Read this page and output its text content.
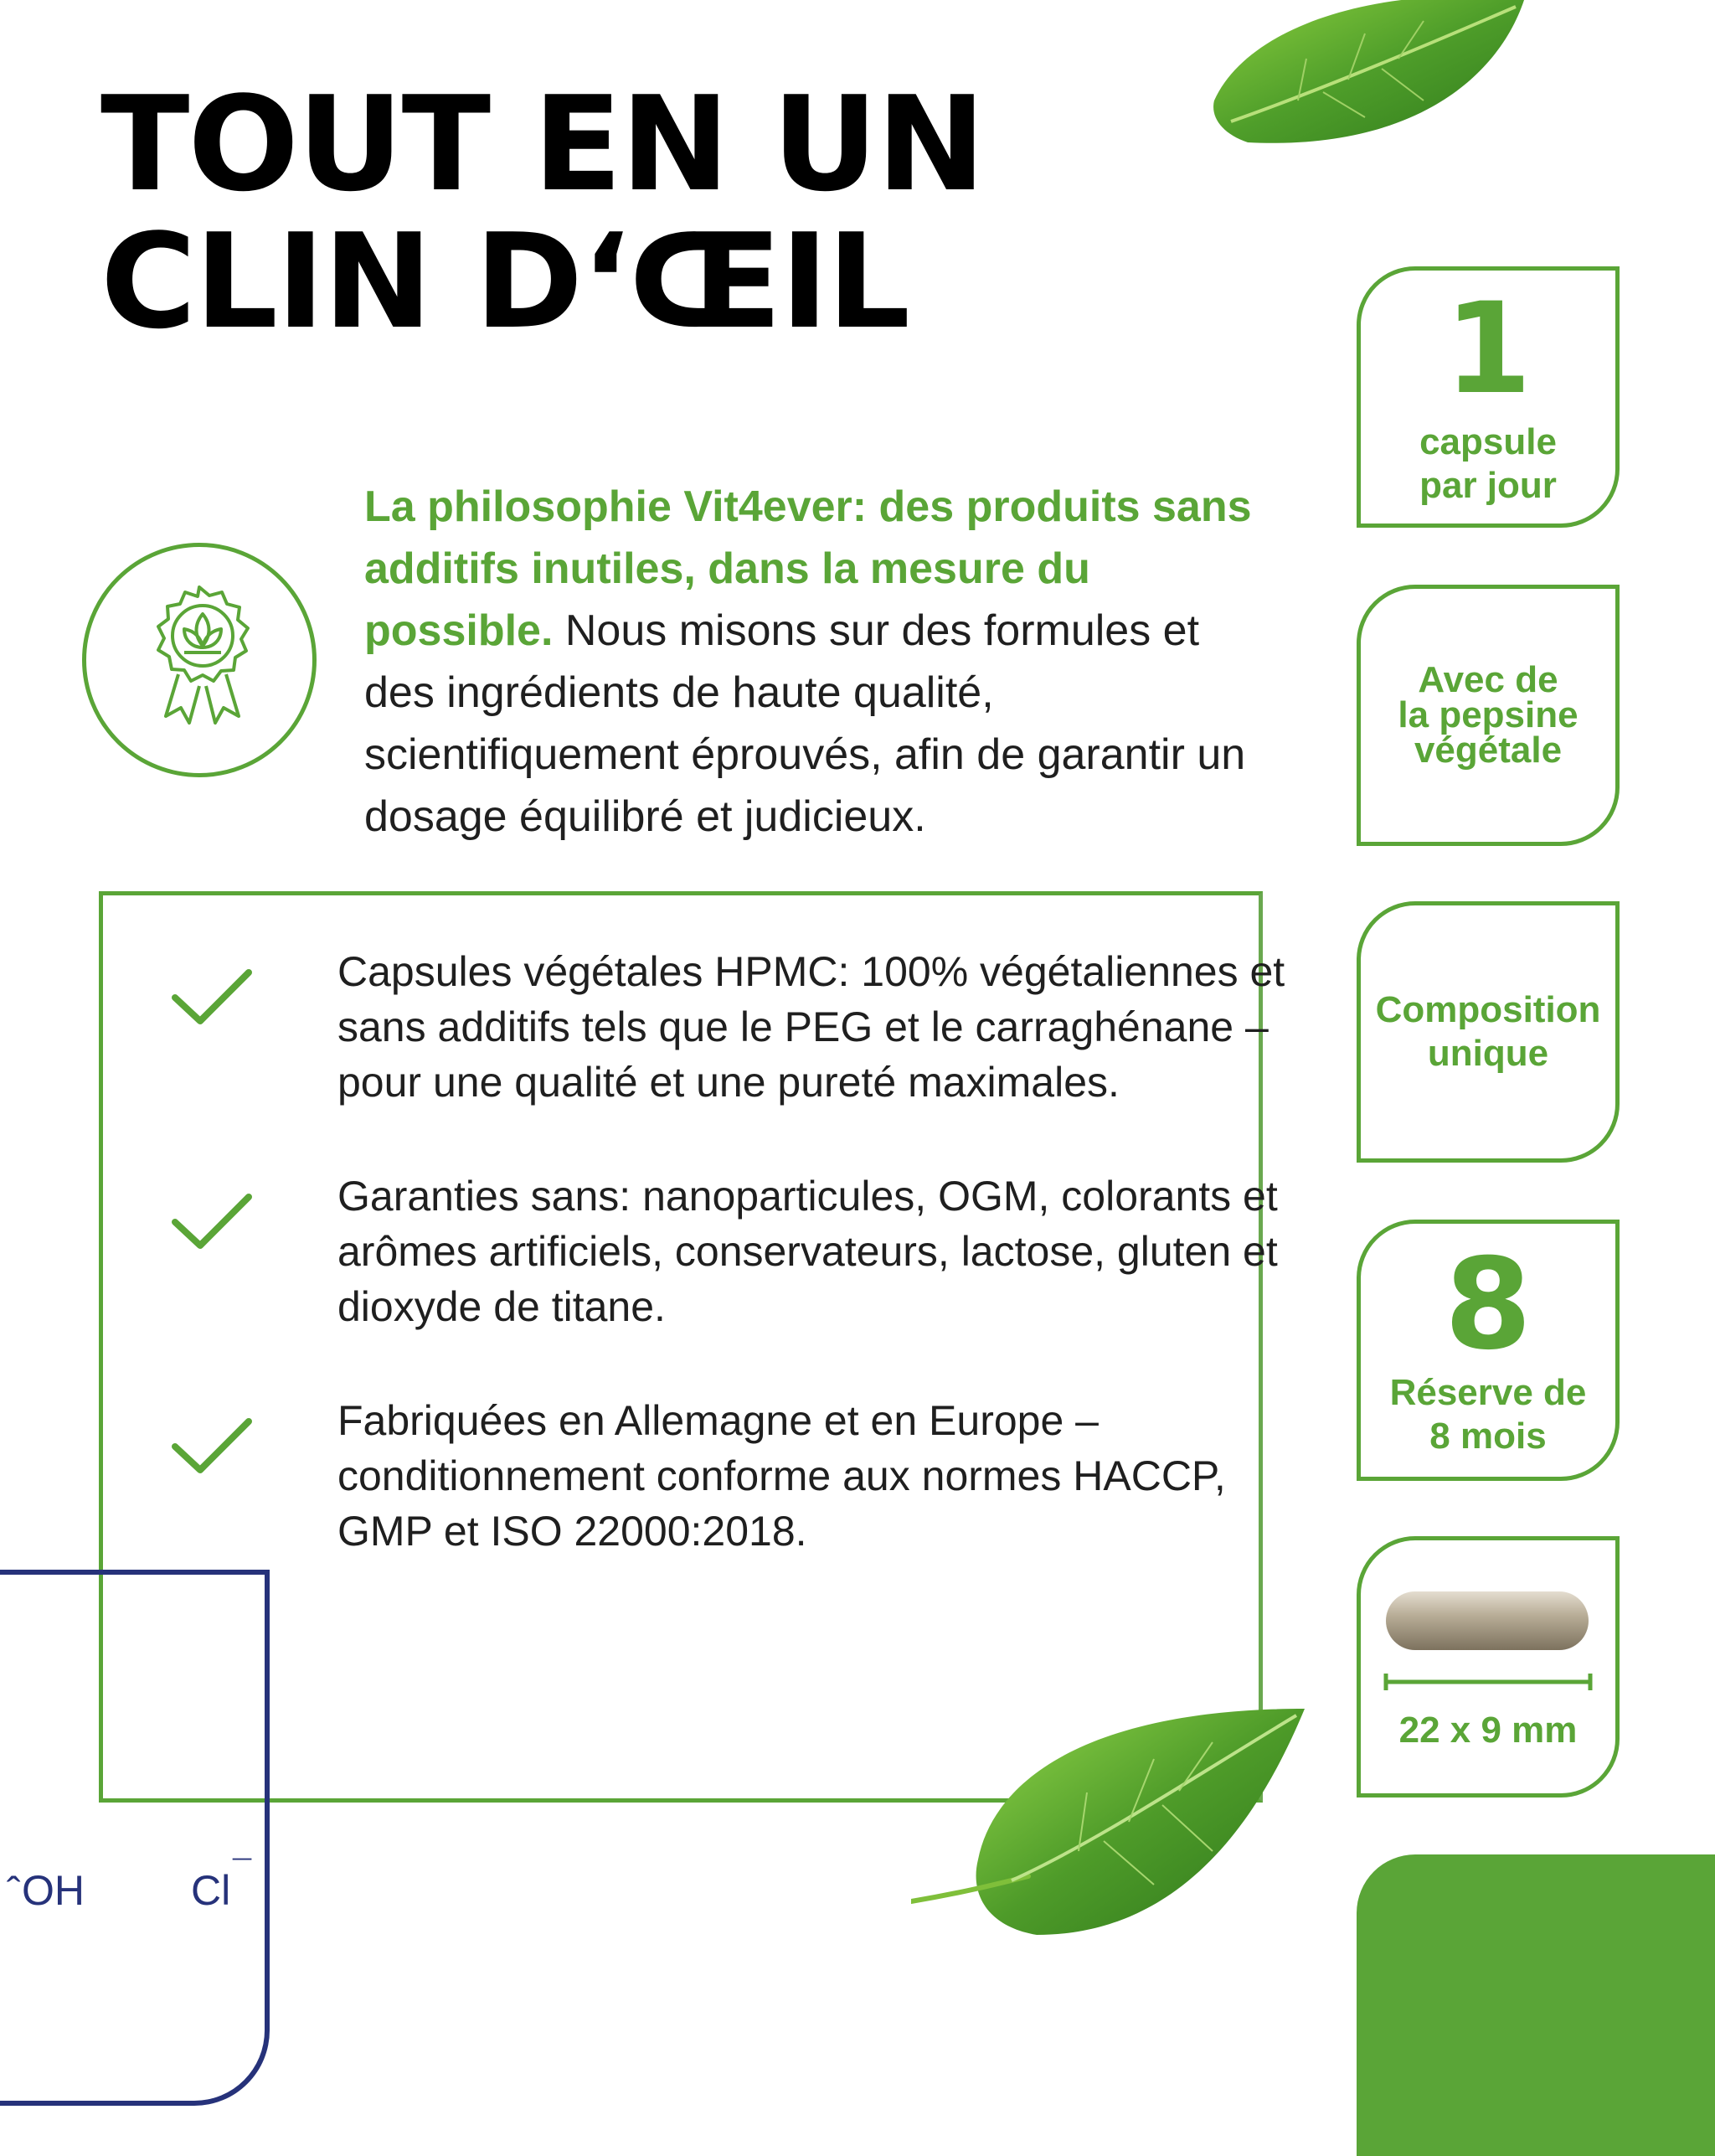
TOUT EN UN
CLIN D‘ŒIL

La philosophie Vit4ever: des produits sans additifs inutiles, dans la mesure du possible. Nous misons sur des formules et des ingrédients de haute qualité, scientifiquement éprouvés, afin de garantir un dosage équilibré et judicieux.

Capsules végétales HPMC: 100% végétaliennes et sans additifs tels que le PEG et le carraghénane – pour une qualité et une pureté maximales.

Garanties sans: nanoparticules, OGM, colorants et arômes artificiels, conservateurs, lactose, gluten et dioxyde de titane.

Fabriquées en Allemagne et en Europe – conditionnement conforme aux normes HACCP, GMP et ISO 22000:2018.

ˆ OH	Cl ¯
1
capsule
par jour
Avec de
la pepsine
végétale
Composition
unique
8
Réserve de
8 mois
22 x 9 mm
